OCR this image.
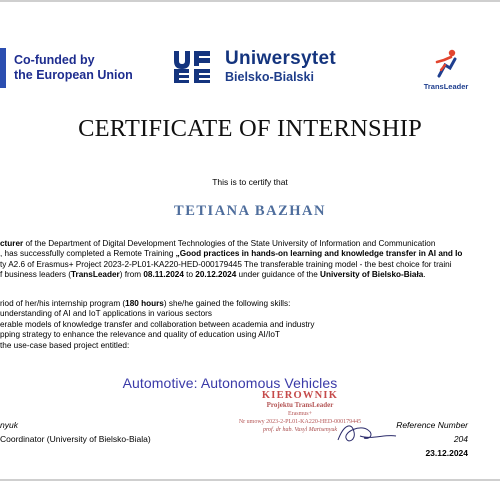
Co-funded by
the European Union
Uniwersytet
Bielsko-Bialski
TransLeader
CERTIFICATE OF INTERNSHIP
This is to certify that
TETIANA BAZHAN
cturer of the Department of Digital Development Technologies of the State University of Information and Communication
, has successfully completed a Remote Training „Good practices in hands-on learning and knowledge transfer in AI and Io
ty A2.6 of Erasmus+ Project 2023-2-PL01-KA220-HED-000179445 The transferable training model - the best choice for traini
f business leaders (TransLeader) from 08.11.2024 to 20.12.2024 under guidance of the University of Bielsko-Biała.
riod of her/his internship program (180 hours) she/he gained the following skills:
understanding of AI and IoT applications in various sectors
erable models of knowledge transfer and collaboration between academia and industry
pping strategy to enhance the relevance and quality of education using AI/IoT
the use-case based project entitled:
Automotive: Autonomous Vehicles
KIEROWNIK
Projektu TransLeader
Erasmus+
Nr umowy 2023-2-PL01-KA220-HED-000179445
prof. dr hab. Vasyl Martsenyuk
nyuk
Coordinator (University of Bielsko-Biala)
Reference Number 204
23.12.2024
